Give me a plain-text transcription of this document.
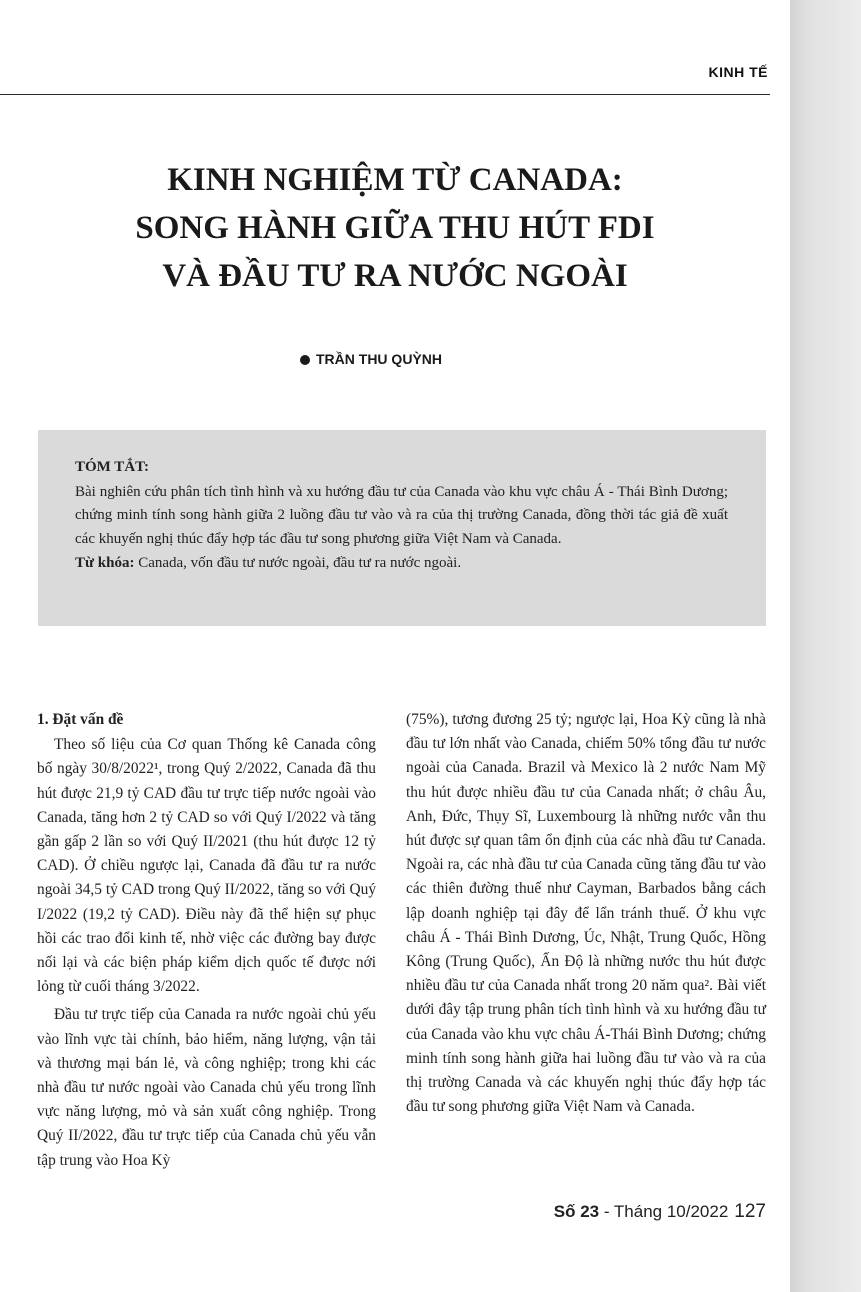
KINH TẾ
KINH NGHIỆM TỪ CANADA:
SONG HÀNH GIỮA THU HÚT FDI
VÀ ĐẦU TƯ RA NƯỚC NGOÀI
TRẦN THU QUỲNH
TÓM TẮT:

Bài nghiên cứu phân tích tình hình và xu hướng đầu tư của Canada vào khu vực châu Á - Thái Bình Dương; chứng minh tính song hành giữa 2 luồng đầu tư vào và ra của thị trường Canada, đồng thời tác giả đề xuất các khuyến nghị thúc đẩy hợp tác đầu tư song phương giữa Việt Nam và Canada.

Từ khóa: Canada, vốn đầu tư nước ngoài, đầu tư ra nước ngoài.

1. Đặt vấn đề

Theo số liệu của Cơ quan Thống kê Canada công bố ngày 30/8/2022¹, trong Quý 2/2022, Canada đã thu hút được 21,9 tỷ CAD đầu tư trực tiếp nước ngoài vào Canada, tăng hơn 2 tỷ CAD so với Quý I/2022 và tăng gần gấp 2 lần so với Quý II/2021 (thu hút được 12 tỷ CAD). Ở chiều ngược lại, Canada đã đầu tư ra nước ngoài 34,5 tỷ CAD trong Quý II/2022, tăng so với Quý I/2022 (19,2 tỷ CAD). Điều này đã thể hiện sự phục hồi các trao đổi kinh tế, nhờ việc các đường bay được nối lại và các biện pháp kiểm dịch quốc tế được nới lỏng từ cuối tháng 3/2022.

Đầu tư trực tiếp của Canada ra nước ngoài chủ yếu vào lĩnh vực tài chính, bảo hiểm, năng lượng, vận tải và thương mại bán lẻ, và công nghiệp; trong khi các nhà đầu tư nước ngoài vào Canada chủ yếu trong lĩnh vực năng lượng, mỏ và sản xuất công nghiệp. Trong Quý II/2022, đầu tư trực tiếp của Canada chủ yếu vẫn tập trung vào Hoa Kỳ

(75%), tương đương 25 tỷ; ngược lại, Hoa Kỳ cũng là nhà đầu tư lớn nhất vào Canada, chiếm 50% tổng đầu tư nước ngoài của Canada. Brazil và Mexico là 2 nước Nam Mỹ thu hút được nhiều đầu tư của Canada nhất; ở châu Âu, Anh, Đức, Thụy Sĩ, Luxembourg là những nước vẫn thu hút được sự quan tâm ổn định của các nhà đầu tư Canada. Ngoài ra, các nhà đầu tư của Canada cũng tăng đầu tư vào các thiên đường thuế như Cayman, Barbados bằng cách lập doanh nghiệp tại đây để lẩn tránh thuế. Ở khu vực châu Á - Thái Bình Dương, Úc, Nhật, Trung Quốc, Hồng Kông (Trung Quốc), Ấn Độ là những nước thu hút được nhiều đầu tư của Canada nhất trong 20 năm qua². Bài viết dưới đây tập trung phân tích tình hình và xu hướng đầu tư của Canada vào khu vực châu Á-Thái Bình Dương; chứng minh tính song hành giữa hai luồng đầu tư vào và ra của thị trường Canada và các khuyến nghị thúc đẩy hợp tác đầu tư song phương giữa Việt Nam và Canada.

Số 23 - Tháng 10/2022 127
